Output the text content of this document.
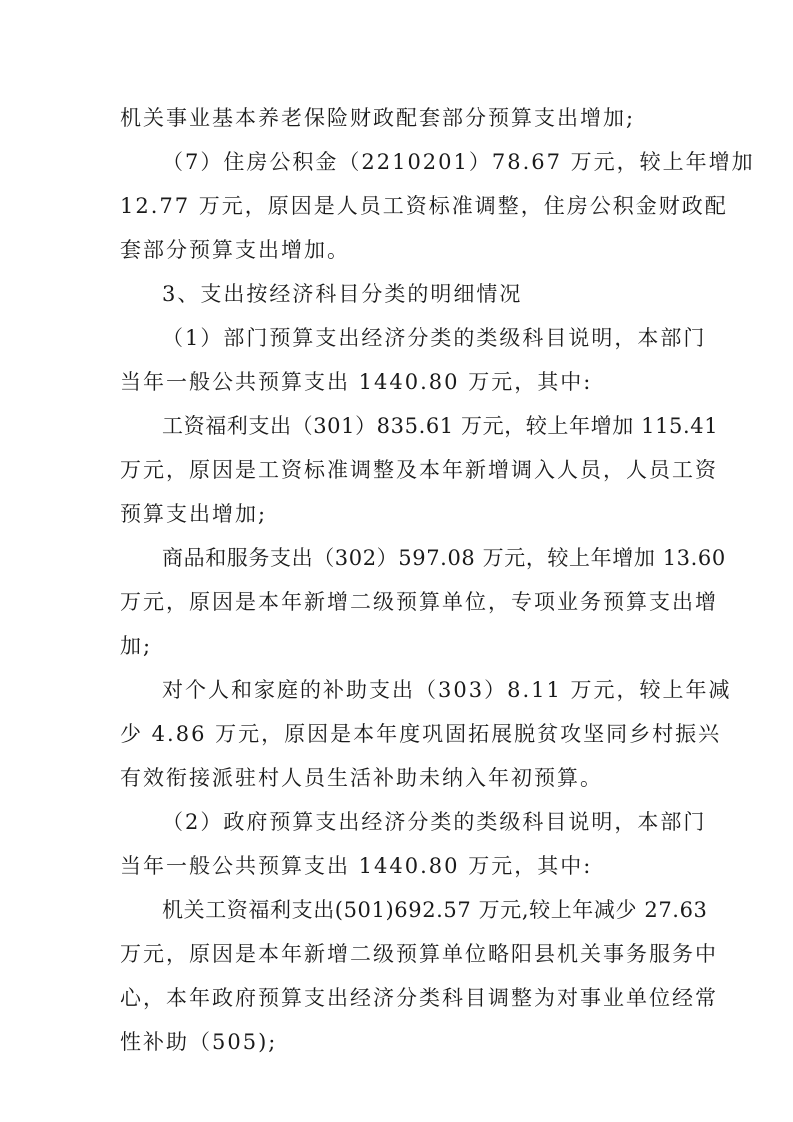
机关事业基本养老保险财政配套部分预算支出增加;
（7）住房公积金（2210201）78.67 万元，较上年增加
12.77 万元，原因是人员工资标准调整，住房公积金财政配
套部分预算支出增加。
3、支出按经济科目分类的明细情况
（1）部门预算支出经济分类的类级科目说明，本部门
当年一般公共预算支出 1440.80 万元，其中:
工资福利支出（301）835.61 万元，较上年增加 115.41
万元，原因是工资标准调整及本年新增调入人员，人员工资
预算支出增加;
商品和服务支出（302）597.08 万元，较上年增加 13.60
万元，原因是本年新增二级预算单位，专项业务预算支出增
加;
对个人和家庭的补助支出（303）8.11 万元，较上年减
少 4.86 万元，原因是本年度巩固拓展脱贫攻坚同乡村振兴
有效衔接派驻村人员生活补助未纳入年初预算。
（2）政府预算支出经济分类的类级科目说明，本部门
当年一般公共预算支出 1440.80 万元，其中:
机关工资福利支出(501)692.57 万元,较上年减少 27.63
万元，原因是本年新增二级预算单位略阳县机关事务服务中
心，本年政府预算支出经济分类科目调整为对事业单位经常
性补助（505);
